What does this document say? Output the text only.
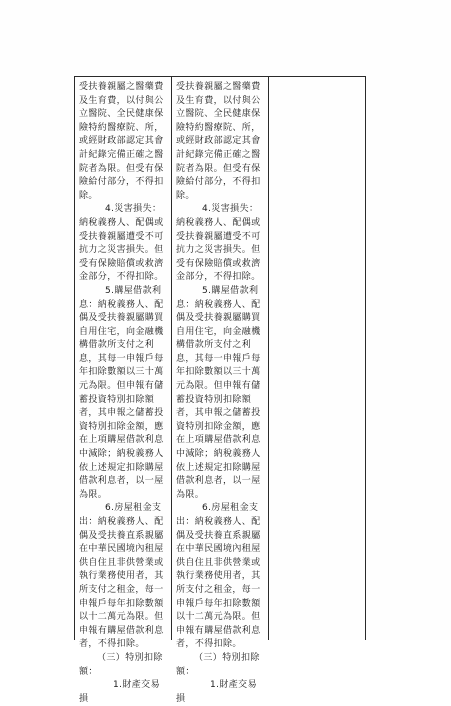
受扶養親屬之醫藥費及生育費，以付與公立醫院、全民健康保險特約醫療院、所，或經財政部認定其會計紀錄完備正確之醫院者為限。但受有保險給付部分，不得扣除。

4.災害損失：納稅義務人、配偶或受扶養親屬遭受不可抗力之災害損失。但受有保險賠償或救濟金部分，不得扣除。

5.購屋借款利息：納稅義務人、配偶及受扶養親屬購買自用住宅，向金融機構借款所支付之利息，其每一申報戶每年扣除數額以三十萬元為限。但申報有儲蓄投資特別扣除額者，其申報之儲蓄投資特別扣除金額，應在上項購屋借款利息中減除；納稅義務人依上述規定扣除購屋借款利息者，以一屋為限。

6.房屋租金支出：納稅義務人、配偶及受扶養直系親屬在中華民國境內租屋供自住且非供營業或執行業務使用者，其所支付之租金，每一申報戶每年扣除數額以十二萬元為限。但申報有購屋借款利息者，不得扣除。

（三）特別扣除額：

1.財產交易損

受扶養親屬之醫藥費及生育費，以付與公立醫院、全民健康保險特約醫療院、所，或經財政部認定其會計紀錄完備正確之醫院者為限。但受有保險給付部分，不得扣除。

4.災害損失：納稅義務人、配偶或受扶養親屬遭受不可抗力之災害損失。但受有保險賠償或救濟金部分，不得扣除。

5.購屋借款利息：納稅義務人、配偶及受扶養親屬購買自用住宅，向金融機構借款所支付之利息，其每一申報戶每年扣除數額以三十萬元為限。但申報有儲蓄投資特別扣除額者，其申報之儲蓄投資特別扣除金額，應在上項購屋借款利息中減除；納稅義務人依上述規定扣除購屋借款利息者，以一屋為限。

6.房屋租金支出：納稅義務人、配偶及受扶養直系親屬在中華民國境內租屋供自住且非供營業或執行業務使用者，其所支付之租金，每一申報戶每年扣除數額以十二萬元為限。但申報有購屋借款利息者，不得扣除。

（三）特別扣除額：

1.財產交易損
